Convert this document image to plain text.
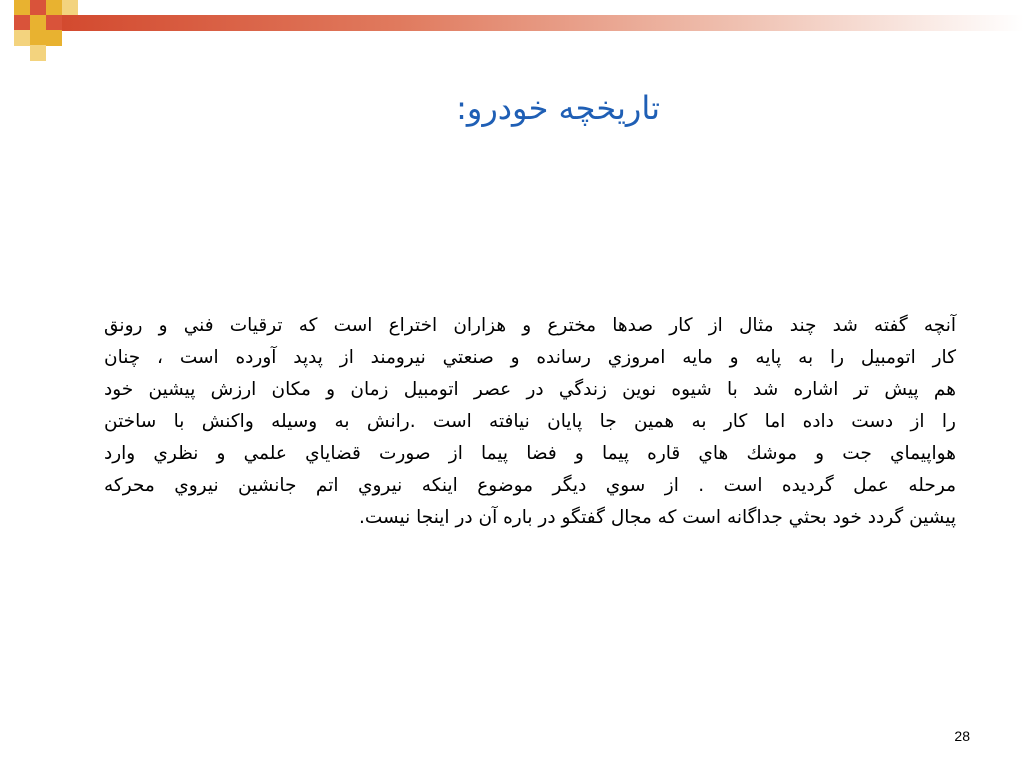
تاریخچه خودرو:
آنچه گفته شد چند مثال از کار صدها مخترع و هزاران اختراع است که ترقیات فني و رونق
کار اتومبیل را به پایه و مایه امروزي رسانده و صنعتي نیرومند از پدپد آورده است ، چنان
هم پیش تر اشاره شد با شیوه نوین زندگي در عصر اتومبیل زمان و مکان ارزش پیشین خود
را از دست داده اما کار به همین جا پایان نیافته است .رانش به وسیله واکنش با ساختن
هواپیماي جت و موشك هاي قاره پیما و فضا پیما از صورت قضایاي علمي و نظري وارد
مرحله عمل گردیده است . از سوي دیگر موضوع اینکه نیروي اتم جانشین نیروي محرکه
پیشین گردد خود بحثي جداگانه است که مجال گفتگو در باره آن در اینجا نیست.
28
